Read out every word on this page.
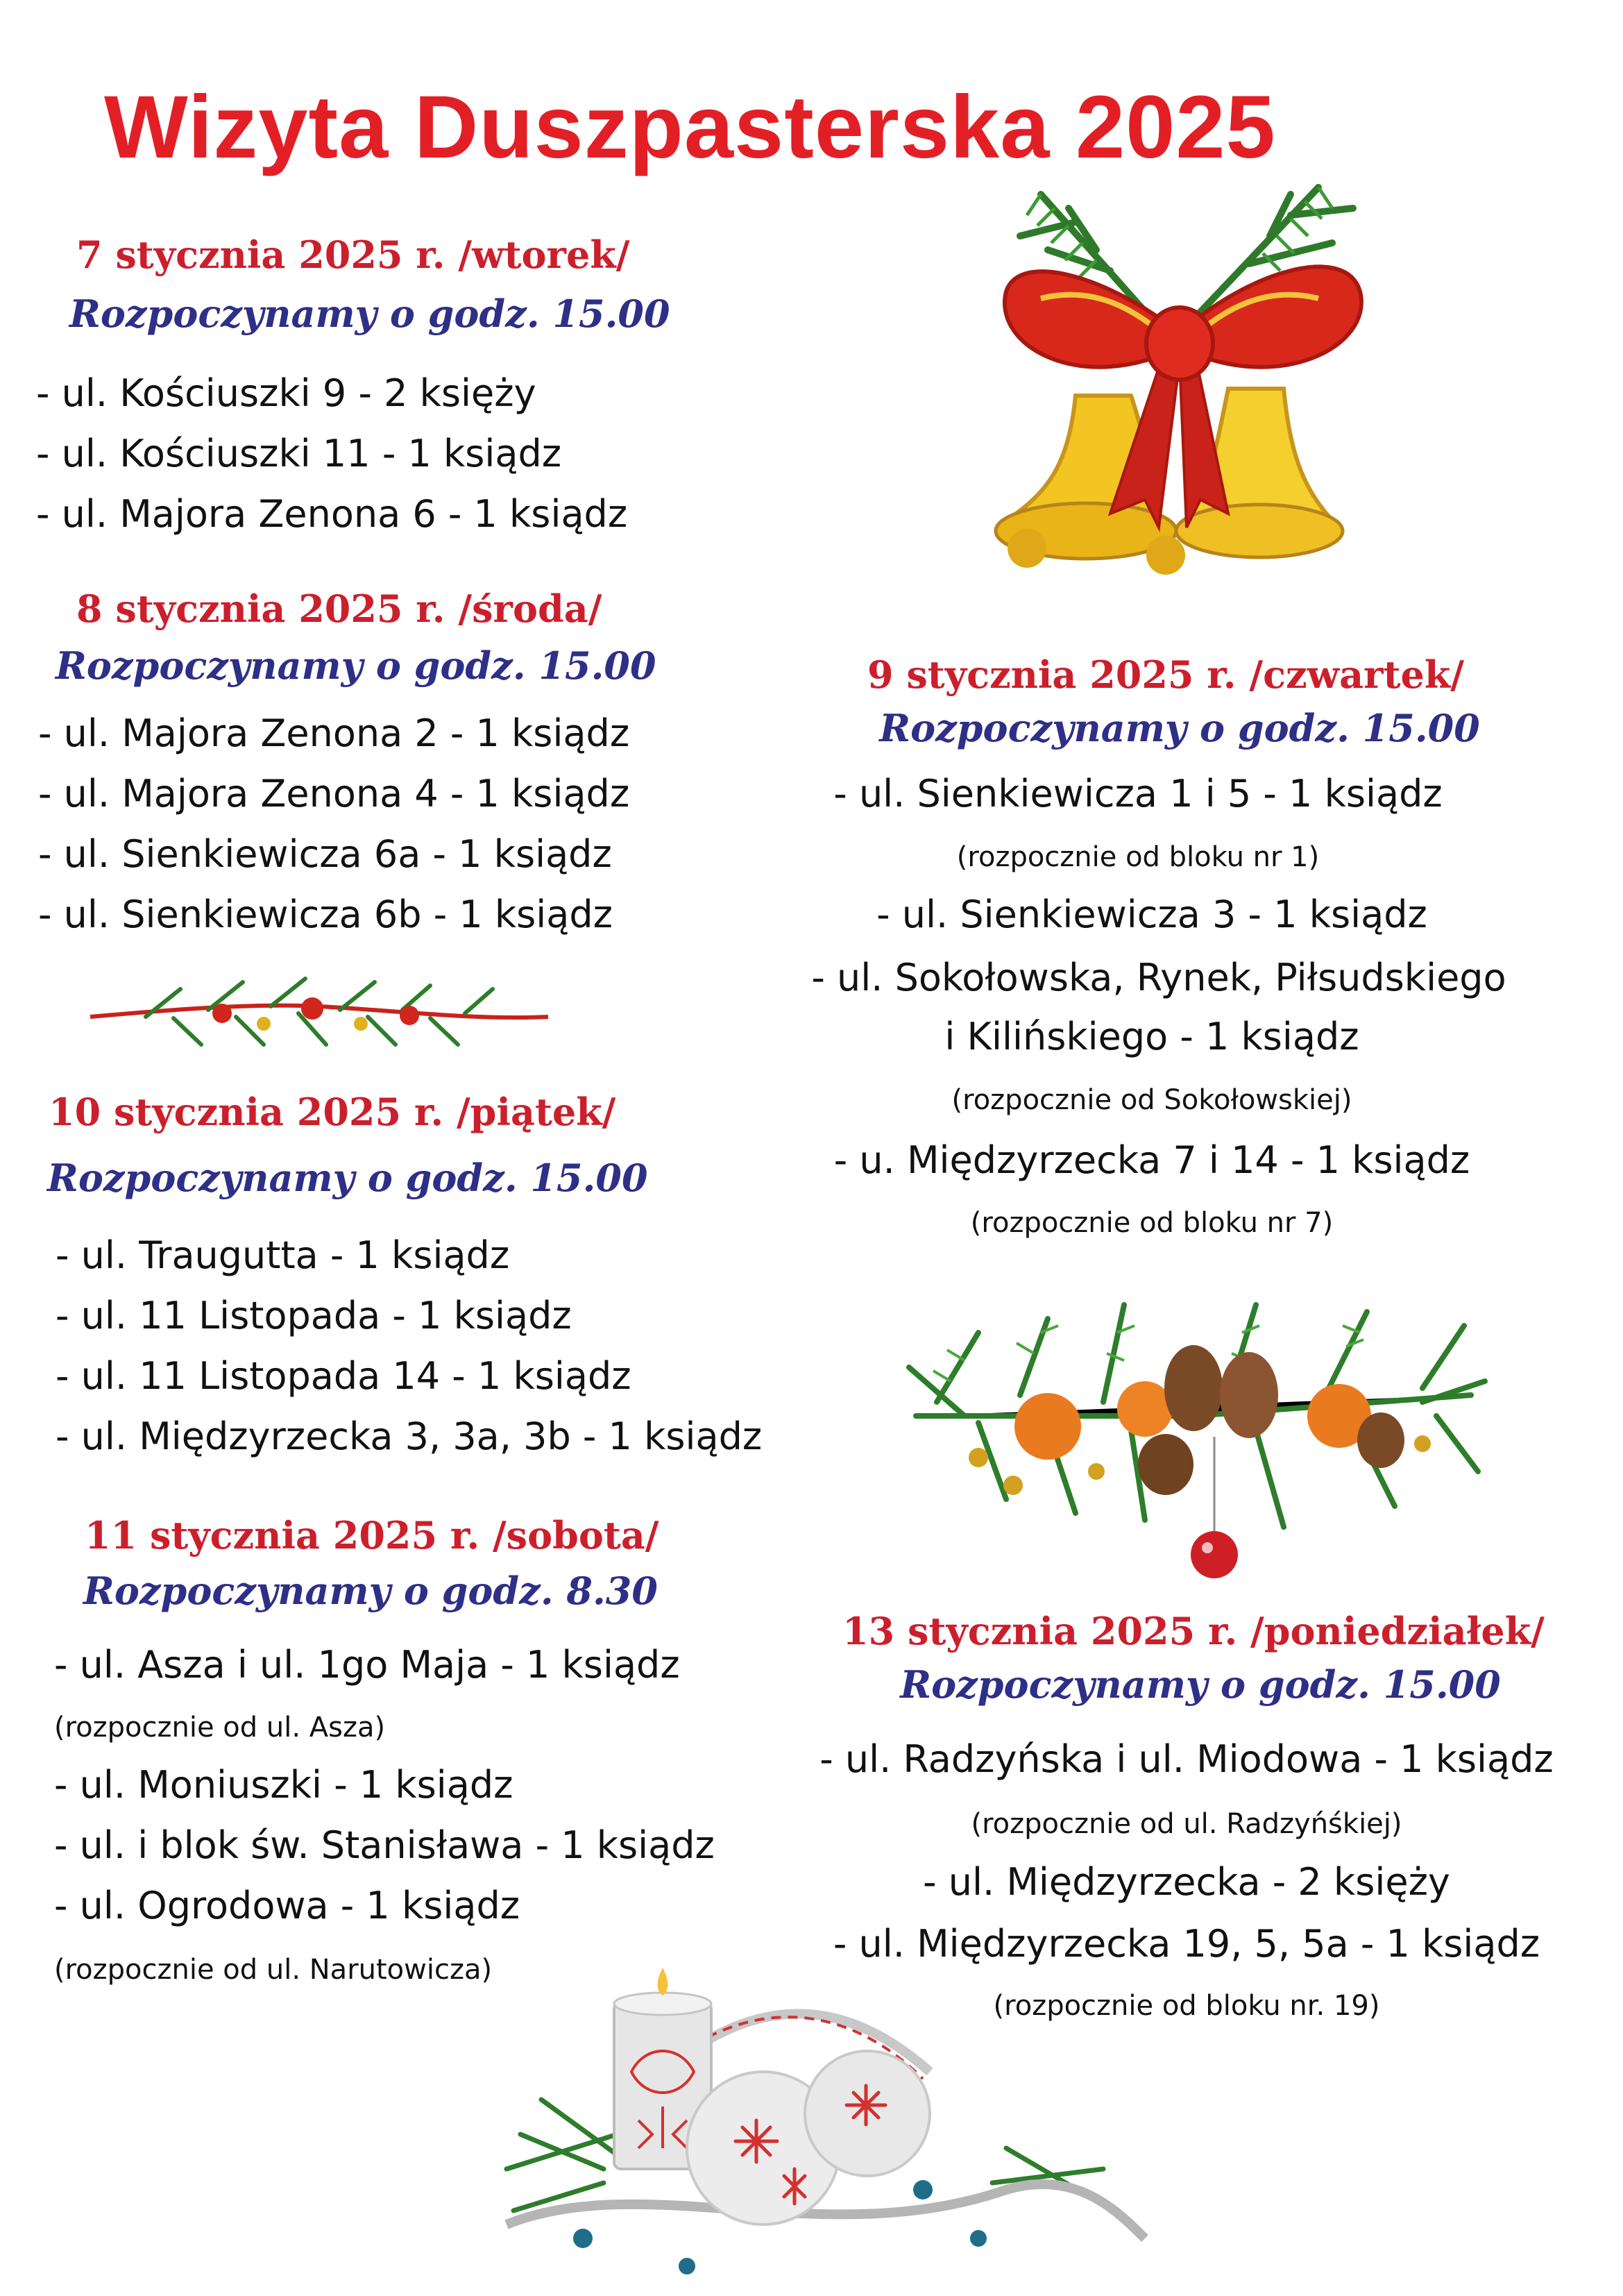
Wizyta Duszpasterska 2025
7 stycznia 2025 r. /wtorek/
Rozpoczynamy o godz. 15.00
- ul. Kościuszki 9 - 2 księży
- ul. Kościuszki 11 - 1 ksiądz
- ul. Majora Zenona 6 - 1 ksiądz
8 stycznia 2025 r. /środa/
Rozpoczynamy o godz. 15.00
- ul. Majora Zenona 2 - 1 ksiądz
- ul. Majora Zenona 4 - 1 ksiądz
- ul. Sienkiewicza 6a - 1 ksiądz
- ul. Sienkiewicza 6b - 1 ksiądz
9 stycznia 2025 r. /czwartek/
Rozpoczynamy o godz. 15.00
- ul. Sienkiewicza 1 i 5 - 1 ksiądz
(rozpocznie od bloku nr 1)
- ul. Sienkiewicza 3 - 1 ksiądz
- ul. Sokołowska, Rynek, Piłsudskiego
i Kilińskiego - 1 ksiądz
(rozpocznie od Sokołowskiej)
- u. Międzyrzecka 7 i 14 - 1 ksiądz
(rozpocznie od bloku nr 7)
10 stycznia 2025 r. /piątek/
Rozpoczynamy o godz. 15.00
- ul. Traugutta - 1 ksiądz
- ul. 11 Listopada - 1 ksiądz
- ul. 11 Listopada 14 - 1 ksiądz
- ul. Międzyrzecka 3, 3a, 3b - 1 ksiądz
11 stycznia 2025 r. /sobota/
Rozpoczynamy o godz. 8.30
- ul. Asza i ul. 1go Maja - 1 ksiądz
(rozpocznie od ul. Asza)
- ul. Moniuszki - 1 ksiądz
- ul. i blok św. Stanisława - 1 ksiądz
- ul. Ogrodowa - 1 ksiądz
(rozpocznie od ul. Narutowicza)
13 stycznia 2025 r. /poniedziałek/
Rozpoczynamy o godz. 15.00
- ul. Radzyńska i ul. Miodowa - 1 ksiądz
(rozpocznie od ul. Radzyńśkiej)
- ul. Międzyrzecka - 2 księży
- ul. Międzyrzecka 19, 5, 5a - 1 ksiądz
(rozpocznie od bloku nr. 19)
